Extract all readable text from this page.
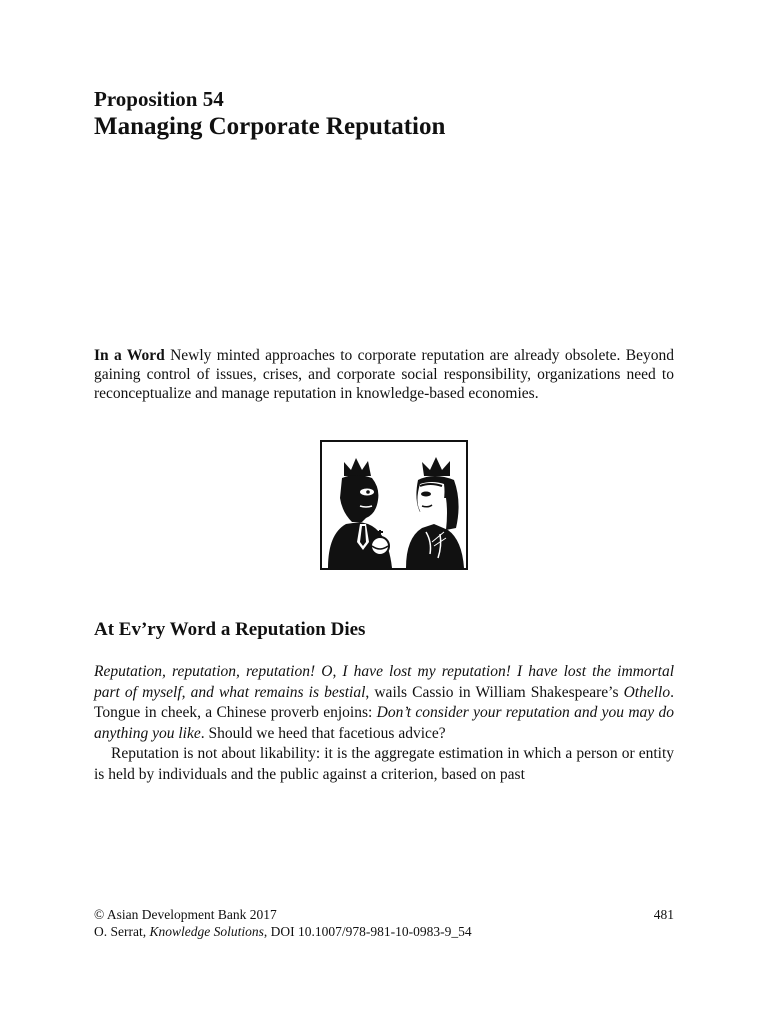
Proposition 54
Managing Corporate Reputation
In a Word Newly minted approaches to corporate reputation are already obsolete. Beyond gaining control of issues, crises, and corporate social responsibility, organizations need to reconceptualize and manage reputation in knowledge-based economies.
At Ev’ry Word a Reputation Dies

Reputation, reputation, reputation! O, I have lost my reputation! I have lost the immortal part of myself, and what remains is bestial, wails Cassio in William Shakespeare’s Othello. Tongue in cheek, a Chinese proverb enjoins: Don’t consider your reputation and you may do anything you like. Should we heed that facetious advice?

Reputation is not about likability: it is the aggregate estimation in which a person or entity is held by individuals and the public against a criterion, based on past

© Asian Development Bank 2017	481
O. Serrat, Knowledge Solutions, DOI 10.1007/978-981-10-0983-9_54
